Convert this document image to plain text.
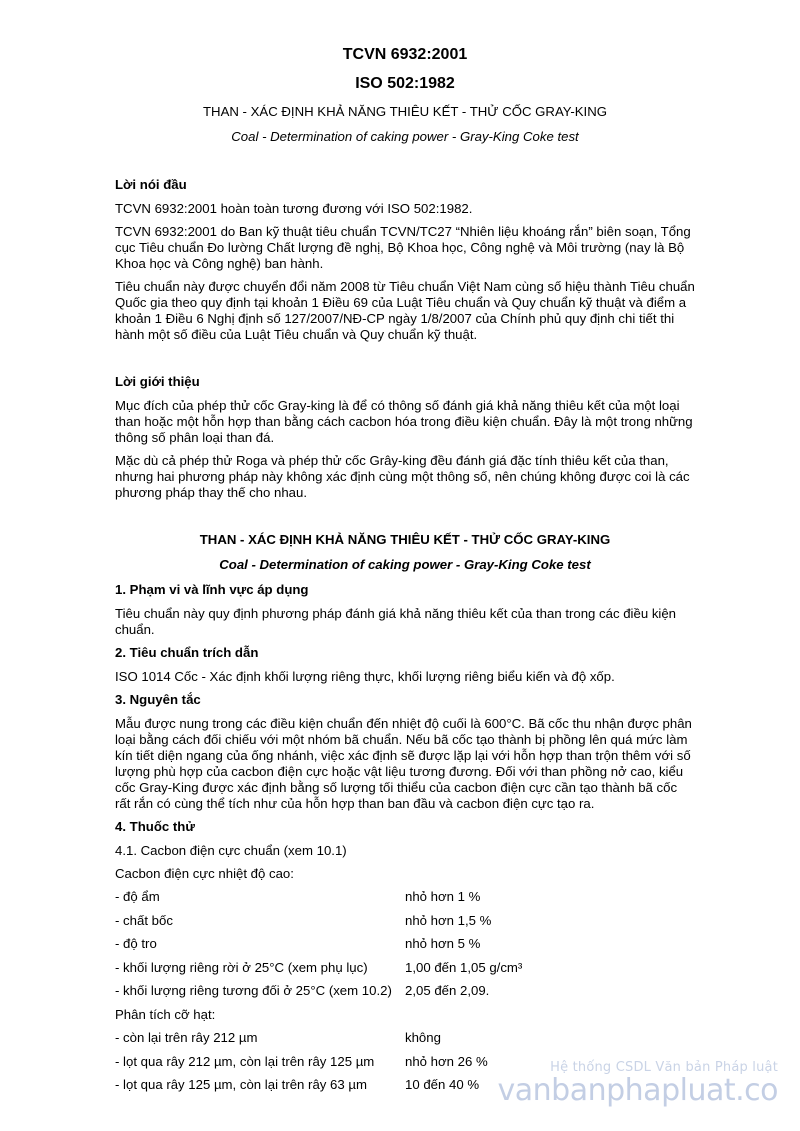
TCVN 6932:2001
ISO 502:1982
THAN - XÁC ĐỊNH KHẢ NĂNG THIÊU KẾT - THỬ CỐC GRAY-KING
Coal - Determination of caking power - Gray-King Coke test
Lời nói đầu

TCVN 6932:2001 hoàn toàn tương đương với ISO 502:1982.

TCVN 6932:2001 do Ban kỹ thuật tiêu chuẩn TCVN/TC27 “Nhiên liệu khoáng rắn” biên soạn, Tổng cục Tiêu chuẩn Đo lường Chất lượng đề nghị, Bộ Khoa học, Công nghệ và Môi trường (nay là Bộ Khoa học và Công nghệ) ban hành.

Tiêu chuẩn này được chuyển đổi năm 2008 từ Tiêu chuẩn Việt Nam cùng số hiệu thành Tiêu chuẩn Quốc gia theo quy định tại khoản 1 Điều 69 của Luật Tiêu chuẩn và Quy chuẩn kỹ thuật và điểm a khoản 1 Điều 6 Nghị định số 127/2007/NĐ-CP ngày 1/8/2007 của Chính phủ quy định chi tiết thi hành một số điều của Luật Tiêu chuẩn và Quy chuẩn kỹ thuật.

Lời giới thiệu

Mục đích của phép thử cốc Gray-king là để có thông số đánh giá khả năng thiêu kết của một loại than hoặc một hỗn hợp than bằng cách cacbon hóa trong điều kiện chuẩn. Đây là một trong những thông số phân loại than đá.

Mặc dù cả phép thử Roga và phép thử cốc Grây-king đều đánh giá đặc tính thiêu kết của than, nhưng hai phương pháp này không xác định cùng một thông số, nên chúng không được coi là các phương pháp thay thế cho nhau.

THAN - XÁC ĐỊNH KHẢ NĂNG THIÊU KẾT - THỬ CỐC GRAY-KING
Coal - Determination of caking power - Gray-King Coke test
1. Phạm vi và lĩnh vực áp dụng

Tiêu chuẩn này quy định phương pháp đánh giá khả năng thiêu kết của than trong các điều kiện chuẩn.

2. Tiêu chuẩn trích dẫn

ISO 1014 Cốc - Xác định khối lượng riêng thực, khối lượng riêng biểu kiến và độ xốp.

3. Nguyên tắc

Mẫu được nung trong các điều kiện chuẩn đến nhiệt độ cuối là 600°C. Bã cốc thu nhận được phân loại bằng cách đối chiếu với một nhóm bã chuẩn. Nếu bã cốc tạo thành bị phồng lên quá mức làm kín tiết diện ngang của ống nhánh, việc xác định sẽ được lặp lại với hỗn hợp than trộn thêm với số lượng phù hợp của cacbon điện cực hoặc vật liệu tương đương. Đối với than phồng nở cao, kiểu cốc Gray-King được xác định bằng số lượng tối thiểu của cacbon điện cực cần tạo thành bã cốc rất rắn có cùng thể tích như của hỗn hợp than ban đầu và cacbon điện cực tạo ra.

4. Thuốc thử

4.1. Cacbon điện cực chuẩn (xem 10.1)

Cacbon điện cực nhiệt độ cao:

- độ ẩm	nhỏ hơn 1 %
- chất bốc	nhỏ hơn 1,5 %
- độ tro	nhỏ hơn 5 %
- khối lượng riêng rời ở 25°C (xem phụ lục)	1,00 đến 1,05 g/cm³
- khối lượng riêng tương đối ở 25°C (xem 10.2) 2,05 đến 2,09.

Phân tích cỡ hạt:

- còn lại trên rây 212 µm	không
- lọt qua rây 212 µm, còn lại trên rây 125 µm	nhỏ hơn 26 %
- lọt qua rây 125 µm, còn lại trên rây 63 µm	10 đến 40 %
Hệ thống CSDL Văn bản Pháp luật
vanbanphapluat.co
